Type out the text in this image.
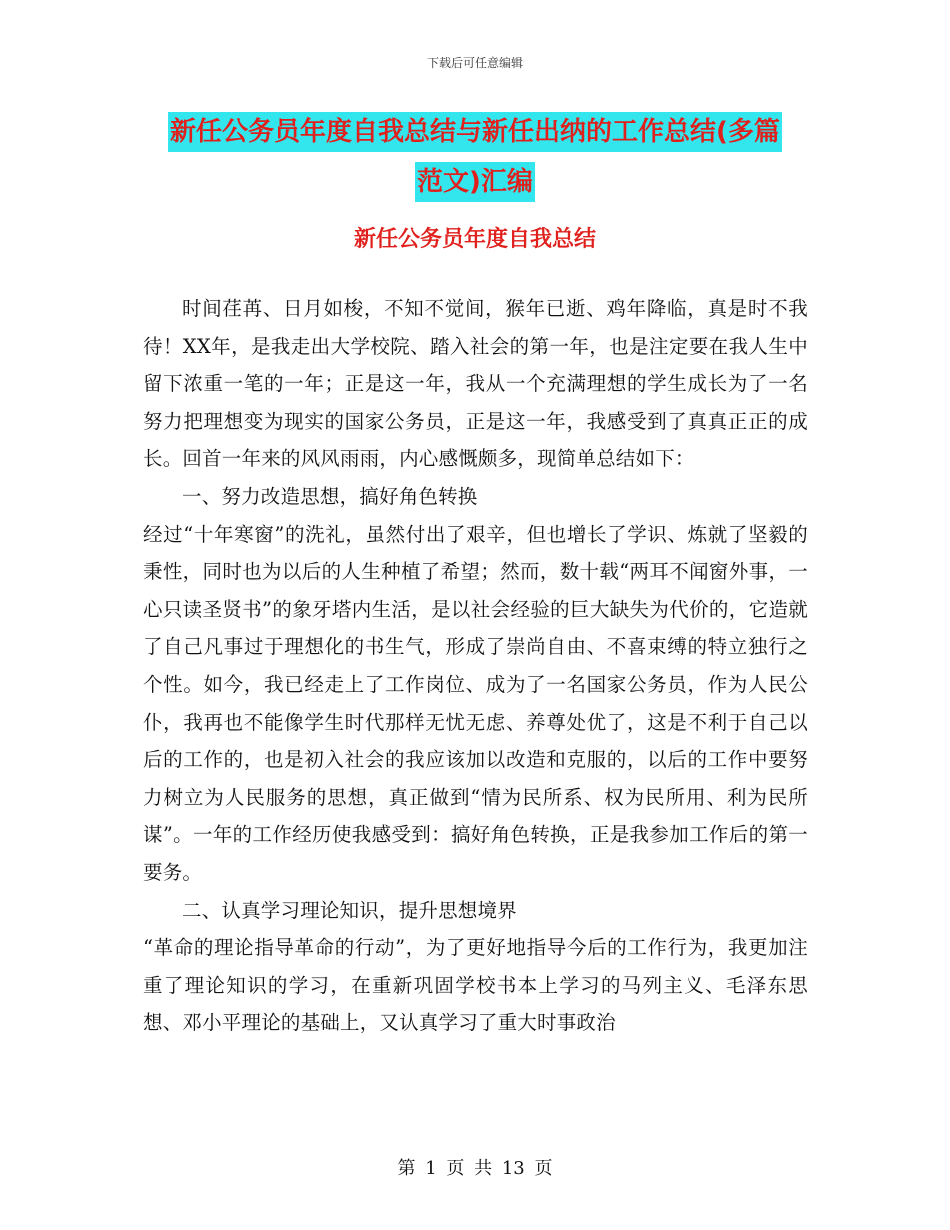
下载后可任意编辑
新任公务员年度自我总结与新任出纳的工作总结(多篇
范文)汇编
新任公务员年度自我总结

时间荏苒、日月如梭，不知不觉间，猴年已逝、鸡年降临，真是时不我待！XX年，是我走出大学校院、踏入社会的第一年，也是注定要在我人生中留下浓重一笔的一年；正是这一年，我从一个充满理想的学生成长为了一名努力把理想变为现实的国家公务员，正是这一年，我感受到了真真正正的成长。回首一年来的风风雨雨，内心感慨颇多，现简单总结如下：

一、努力改造思想，搞好角色转换

经过“十年寒窗”的洗礼，虽然付出了艰辛，但也增长了学识、炼就了坚毅的秉性，同时也为以后的人生种植了希望；然而，数十载“两耳不闻窗外事，一心只读圣贤书”的象牙塔内生活，是以社会经验的巨大缺失为代价的，它造就了自己凡事过于理想化的书生气，形成了崇尚自由、不喜束缚的特立独行之个性。如今，我已经走上了工作岗位、成为了一名国家公务员，作为人民公仆，我再也不能像学生时代那样无忧无虑、养尊处优了，这是不利于自己以后的工作的，也是初入社会的我应该加以改造和克服的，以后的工作中要努力树立为人民服务的思想，真正做到“情为民所系、权为民所用、利为民所谋”。一年的工作经历使我感受到：搞好角色转换，正是我参加工作后的第一要务。

二、认真学习理论知识，提升思想境界

“革命的理论指导革命的行动”，为了更好地指导今后的工作行为，我更加注重了理论知识的学习，在重新巩固学校书本上学习的马列主义、毛泽东思想、邓小平理论的基础上，又认真学习了重大时事政治

第 1 页 共 13 页
